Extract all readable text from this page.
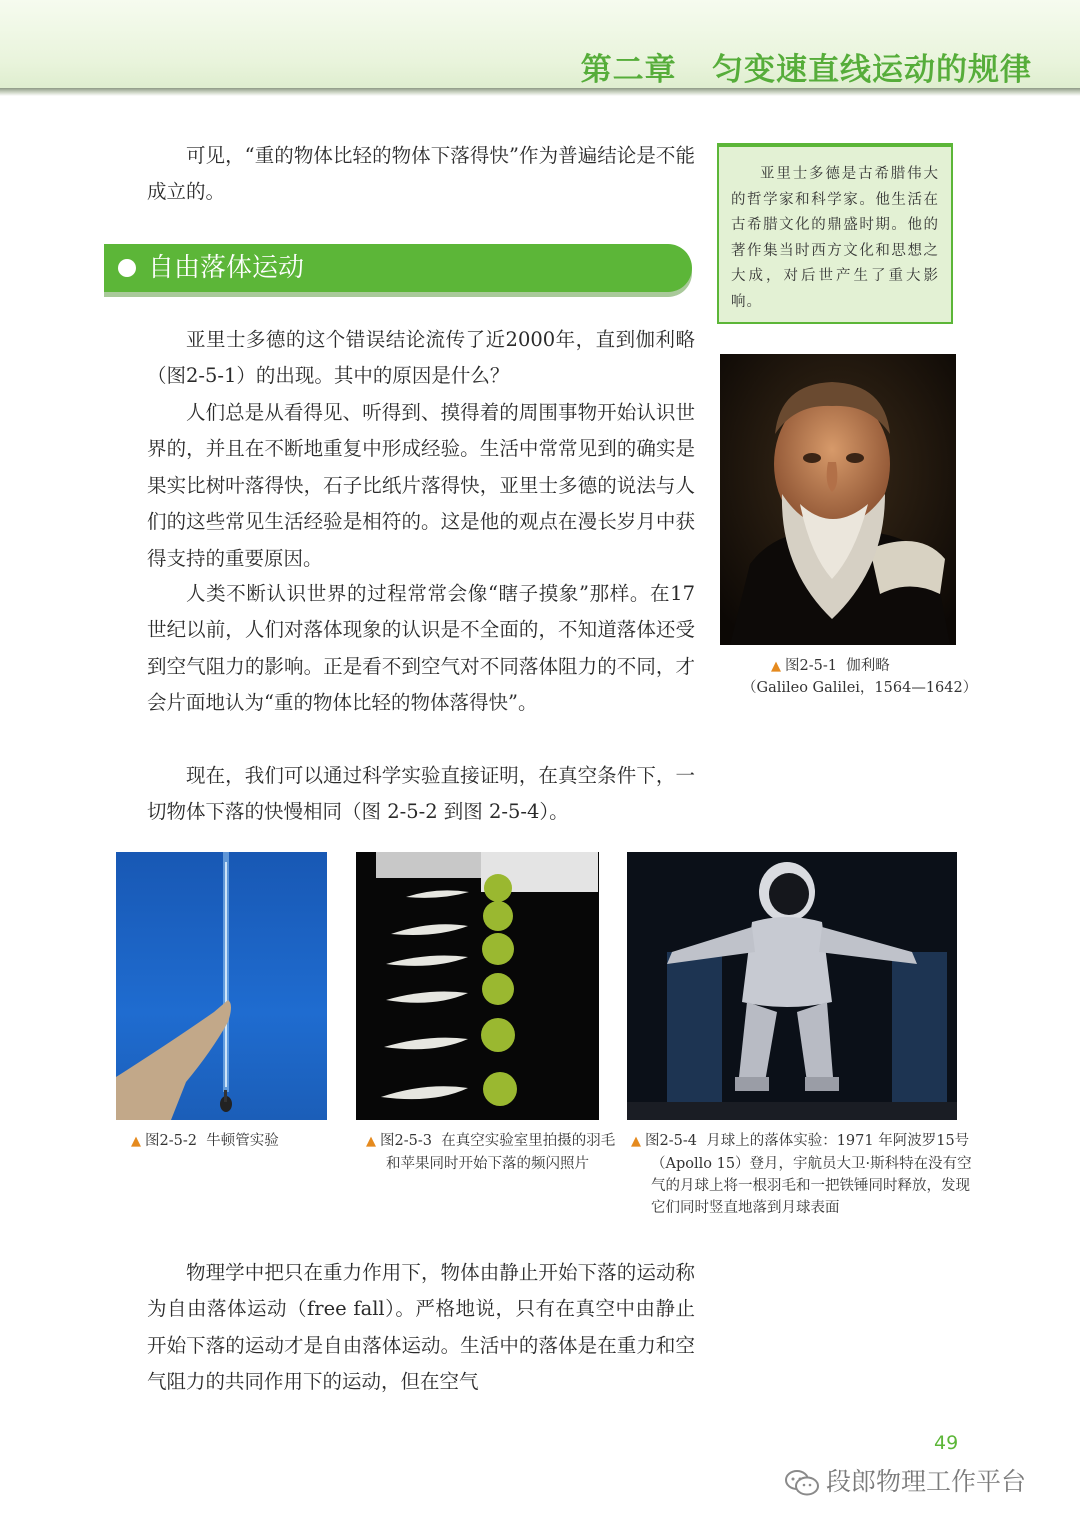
第二章 匀变速直线运动的规律

可见，“重的物体比轻的物体下落得快”作为普遍结论是不能成立的。

自由落体运动

亚里士多德是古希腊伟大的哲学家和科学家。他生活在古希腊文化的鼎盛时期。他的著作集当时西方文化和思想之大成，对后世产生了重大影响。

亚里士多德的这个错误结论流传了近2000年，直到伽利略（图2-5-1）的出现。其中的原因是什么？

人们总是从看得见、听得到、摸得着的周围事物开始认识世界的，并且在不断地重复中形成经验。生活中常常见到的确实是果实比树叶落得快，石子比纸片落得快，亚里士多德的说法与人们的这些常见生活经验是相符的。这是他的观点在漫长岁月中获得支持的重要原因。

人类不断认识世界的过程常常会像“瞎子摸象”那样。在17世纪以前，人们对落体现象的认识是不全面的，不知道落体还受到空气阻力的影响。正是看不到空气对不同落体阻力的不同，才会片面地认为“重的物体比轻的物体落得快”。

现在，我们可以通过科学实验直接证明，在真空条件下，一切物体下落的快慢相同（图 2-5-2 到图 2-5-4）。

▲ 图2-5-1 伽利略
（Galileo Galilei，1564—1642）
▲ 图2-5-2 牛顿管实验	▲ 图2-5-3 在真空实验室里拍摄的羽毛和苹果同时开始下落的频闪照片
▲ 图2-5-4 月球上的落体实验：1971 年阿波罗15号（Apollo 15）登月，宇航员大卫·斯科特在没有空气的月球上将一根羽毛和一把铁锤同时释放，发现它们同时竖直地落到月球表面

物理学中把只在重力作用下，物体由静止开始下落的运动称为自由落体运动（free fall）。严格地说，只有在真空中由静止开始下落的运动才是自由落体运动。生活中的落体是在重力和空气阻力的共同作用下的运动，但在空气

49
段郎物理工作平台
